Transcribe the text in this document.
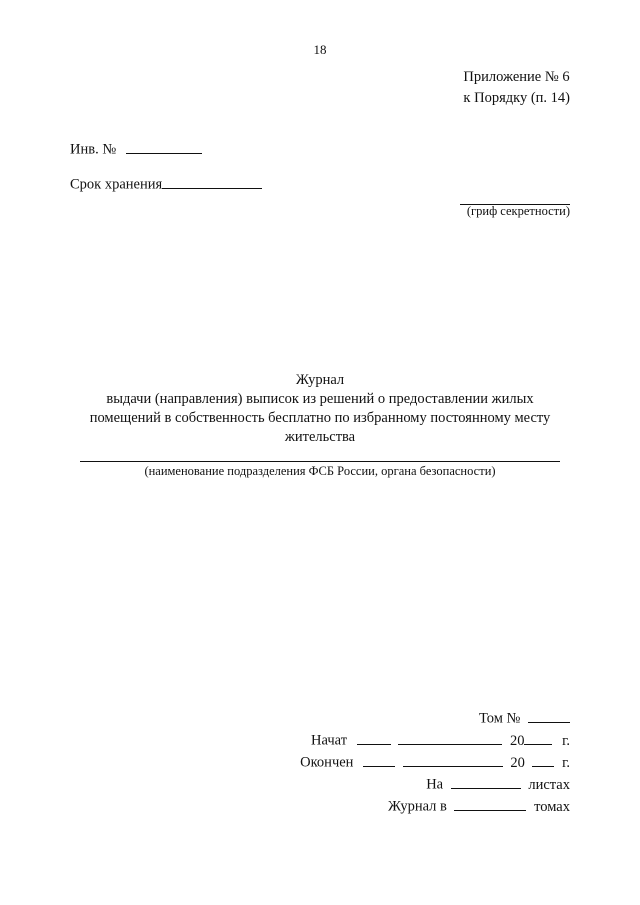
18
Приложение № 6
к Порядку (п. 14)
Инв. №
Срок хранения
(гриф секретности)
Журнал
выдачи (направления) выписок из решений о предоставлении жилых
помещений в собственность бесплатно по избранному постоянному месту
жительства
(наименование подразделения ФСБ России, органа безопасности)
Том №
Начат	20	г.
Окончен	20	г.
На	листах
Журнал в	томах
